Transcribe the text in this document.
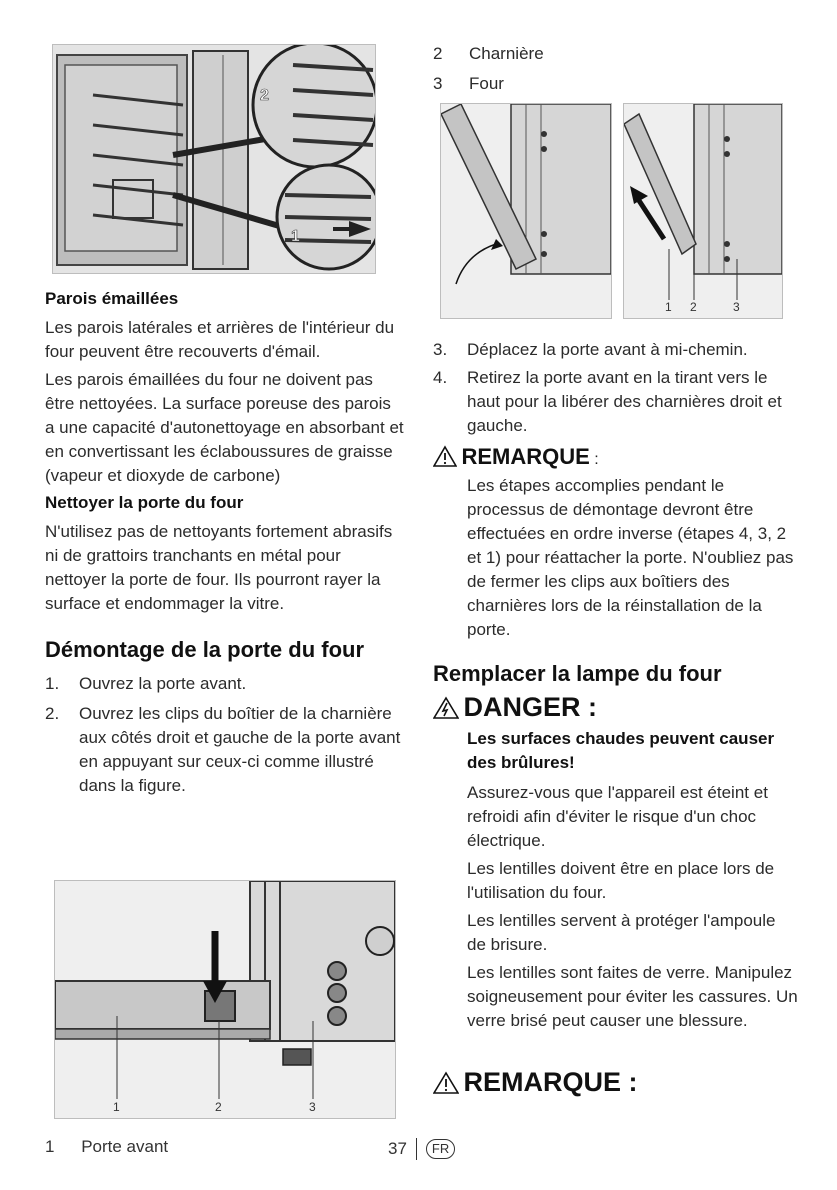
2
1
Parois émaillées

Les parois latérales et arrières de l'intérieur du four peuvent être recouverts d'émail.

Les parois émaillées du four ne doivent pas être nettoyées. La surface poreuse des parois a une capacité d'autonettoyage en absorbant et en convertissant les éclaboussures de graisse (vapeur et dioxyde de carbone)

Nettoyer la porte du four

N'utilisez pas de nettoyants fortement abrasifs ni de grattoirs tranchants en métal pour nettoyer la porte de four. Ils pourront rayer la surface et endommager la vitre.

Démontage de la porte du four
1. Ouvrez la porte avant.
2. Ouvrez les clips du boîtier de la charnière aux côtés droit et gauche de la porte avant en appuyant sur ceux-ci comme illustré dans la figure.
1	2	3
1 Porte avant
2 Charnière
3 Four
1 2	3
3. Déplacez la porte avant à mi-chemin.
4. Retirez la porte avant en la tirant vers le haut pour la libérer des charnières droit et gauche.
REMARQUE :

Les étapes accomplies pendant le processus de démontage devront être effectuées en ordre inverse (étapes 4, 3, 2 et 1) pour réattacher la porte. N'oubliez pas de fermer les clips aux boîtiers des charnières lors de la réinstallation de la porte.

Remplacer la lampe du four
DANGER :
Les surfaces chaudes peuvent causer des brûlures!

Assurez-vous que l'appareil est éteint et refroidi afin d'éviter le risque d'un choc électrique.

Les lentilles doivent être en place lors de l'utilisation du four.

Les lentilles servent à protéger l'ampoule de brisure.

Les lentilles sont faites de verre. Manipulez soigneusement pour éviter les cassures. Un verre brisé peut causer une blessure.

REMARQUE :
37	FR
